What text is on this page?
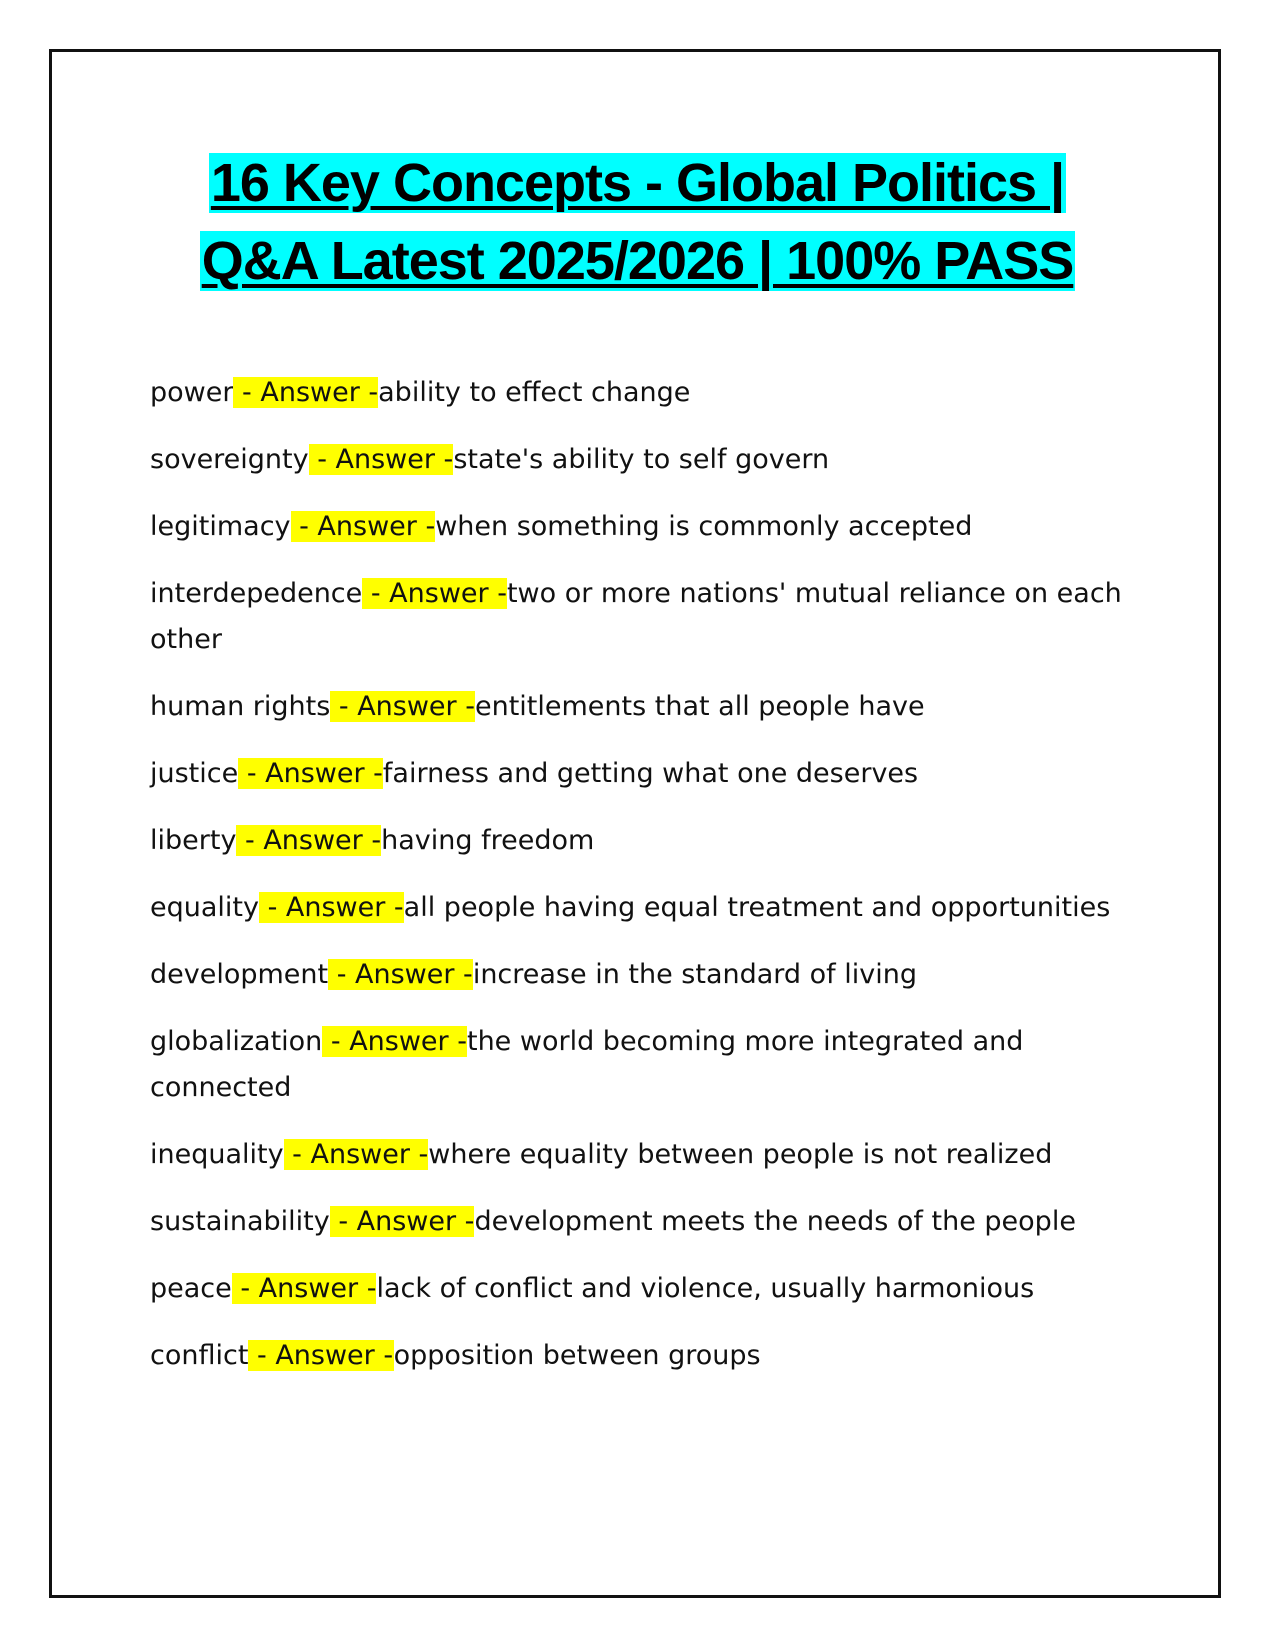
16 Key Concepts - Global Politics |
Q&A Latest 2025/2026 | 100% PASS
power - Answer -ability to effect change
sovereignty - Answer -state's ability to self govern
legitimacy - Answer -when something is commonly accepted
interdepedence - Answer -two or more nations' mutual reliance on each other
human rights - Answer -entitlements that all people have
justice - Answer -fairness and getting what one deserves
liberty - Answer -having freedom
equality - Answer -all people having equal treatment and opportunities
development - Answer -increase in the standard of living
globalization - Answer -the world becoming more integrated and connected
inequality - Answer -where equality between people is not realized
sustainability - Answer -development meets the needs of the people
peace - Answer -lack of conflict and violence, usually harmonious
conflict - Answer -opposition between groups
